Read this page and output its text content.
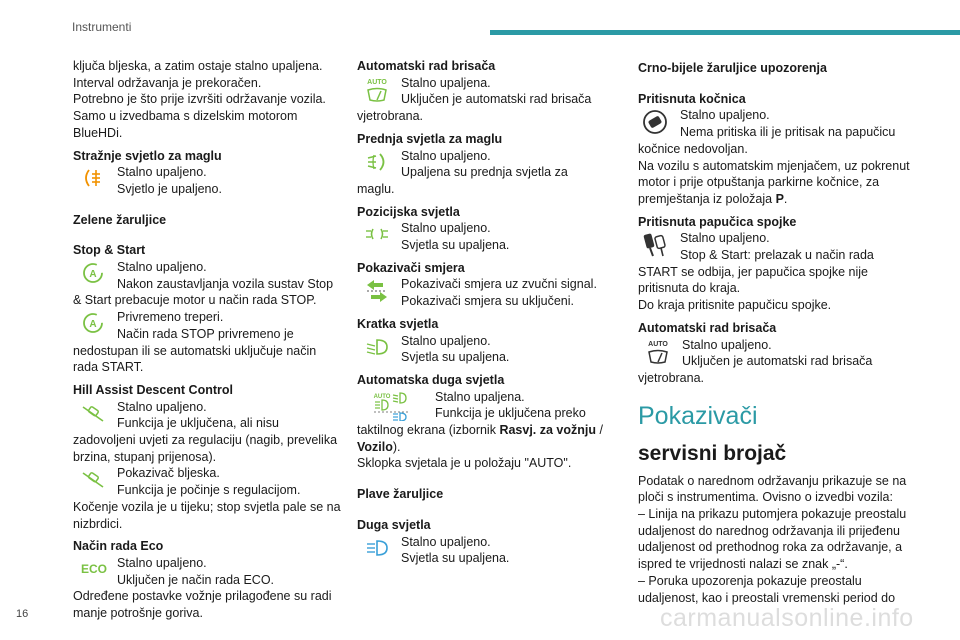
Instrumenti

ključa bljeska, a zatim ostaje stalno upaljena.

Interval održavanja je prekoračen.

Potrebno je što prije izvršiti održavanje vozila.

Samo u izvedbama s dizelskim motorom BlueHDi.

Stražnje svjetlo za maglu

Stalno upaljeno.

Svjetlo je upaljeno.

Zelene žaruljice
Stop & Start
A

Stalno upaljeno.

Nakon zaustavljanja vozila sustav Stop & Start prebacuje motor u način rada STOP.

A

Privremeno treperi.

Način rada STOP privremeno je nedostupan ili se automatski uključuje način rada START.

Hill Assist Descent Control

Stalno upaljeno.

Funkcija je uključena, ali nisu zadovoljeni uvjeti za regulaciju (nagib, prevelika brzina, stupanj prijenosa).

Pokazivač bljeska.

Funkcija je počinje s regulacijom.

Kočenje vozila je u tijeku; stop svjetla pale se na nizbrdici.

Način rada Eco
ECO Stalno upaljeno.

Uključen je način rada ECO.

Određene postavke vožnje prilagođene su radi manje potrošnje goriva.

Automatski rad brisača
AUTO	Stalno upaljena.

Uključen je automatski rad brisača vjetrobrana.

Prednja svjetla za maglu

Stalno upaljeno.

Upaljena su prednja svjetla za maglu.

Pozicijska svjetla

Stalno upaljeno.

Svjetla su upaljena.

Pokazivači smjera

Pokazivači smjera uz zvučni signal.

Pokazivači smjera su uključeni.

Kratka svjetla

Stalno upaljeno.

Svjetla su upaljena.

Automatska duga svjetla
AUTO	Stalno upaljena.

Funkcija je uključena preko taktilnog ekrana (izbornik Rasvj. za vožnju / Vozilo).

Sklopka svjetala je u položaju "AUTO".

Plave žaruljice
Duga svjetla

Stalno upaljeno.

Svjetla su upaljena.

Crno-bijele žaruljice upozorenja
Pritisnuta kočnica

Stalno upaljeno.

Nema pritiska ili je pritisak na papučicu kočnice nedovoljan.

Na vozilu s automatskim mjenjačem, uz pokrenut motor i prije otpuštanja parkirne kočnice, za premještanja iz položaja P.

Pritisnuta papučica spojke

Stalno upaljeno.

Stop & Start: prelazak u način rada START se odbija, jer papučica spojke nije pritisnuta do kraja.

Do kraja pritisnite papučicu spojke.

Automatski rad brisača
AUTO	Stalno upaljeno.

Uključen je automatski rad brisača vjetrobrana.

Pokazivači
servisni brojač

Podatak o narednom održavanju prikazuje se na ploči s instrumentima. Ovisno o izvedbi vozila:

– Linija na prikazu putomjera pokazuje preostalu udaljenost do narednog održavanja ili prijeđenu udaljenost od prethodnog roka za održavanje, a ispred te vrijednosti nalazi se znak „-“.

– Poruka upozorenja pokazuje preostalu udaljenost, kao i preostali vremenski period do

16	carmanualsonline.info
